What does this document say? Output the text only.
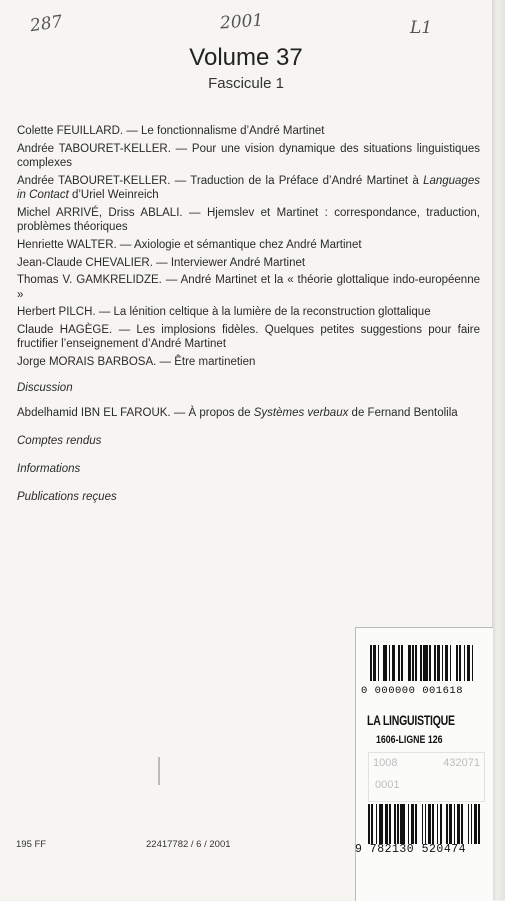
287	2001	L1
Volume 37
Fascicule 1
Colette FEUILLARD. — Le fonctionnalisme d’André Martinet
Andrée TABOURET-KELLER. — Pour une vision dynamique des situations linguistiques complexes
Andrée TABOURET-KELLER. — Traduction de la Préface d’André Martinet à Languages in Contact d’Uriel Weinreich
Michel ARRIVÉ, Driss ABLALI. — Hjemslev et Martinet : correspondance, traduction, problèmes théoriques
Henriette WALTER. — Axiologie et sémantique chez André Martinet
Jean-Claude CHEVALIER. — Interviewer André Martinet
Thomas V. GAMKRELIDZE. — André Martinet et la « théorie glottalique indo-européenne »
Herbert PILCH. — La lénition celtique à la lumière de la reconstruction glottalique
Claude HAGÈGE. — Les implosions fidèles. Quelques petites suggestions pour faire fructifier l’enseignement d’André Martinet
Jorge MORAIS BARBOSA. — Être martinetien
Discussion
Abdelhamid IBN EL FAROUK. — À propos de Systèmes verbaux de Fernand Bentolila
Comptes rendus
Informations
Publications reçues
0 000000 001618
LA LINGUISTIQUE
1606-LIGNE 126
1008	432071
0001
9 782130 520474
195 FF	22417782 / 6 / 2001
